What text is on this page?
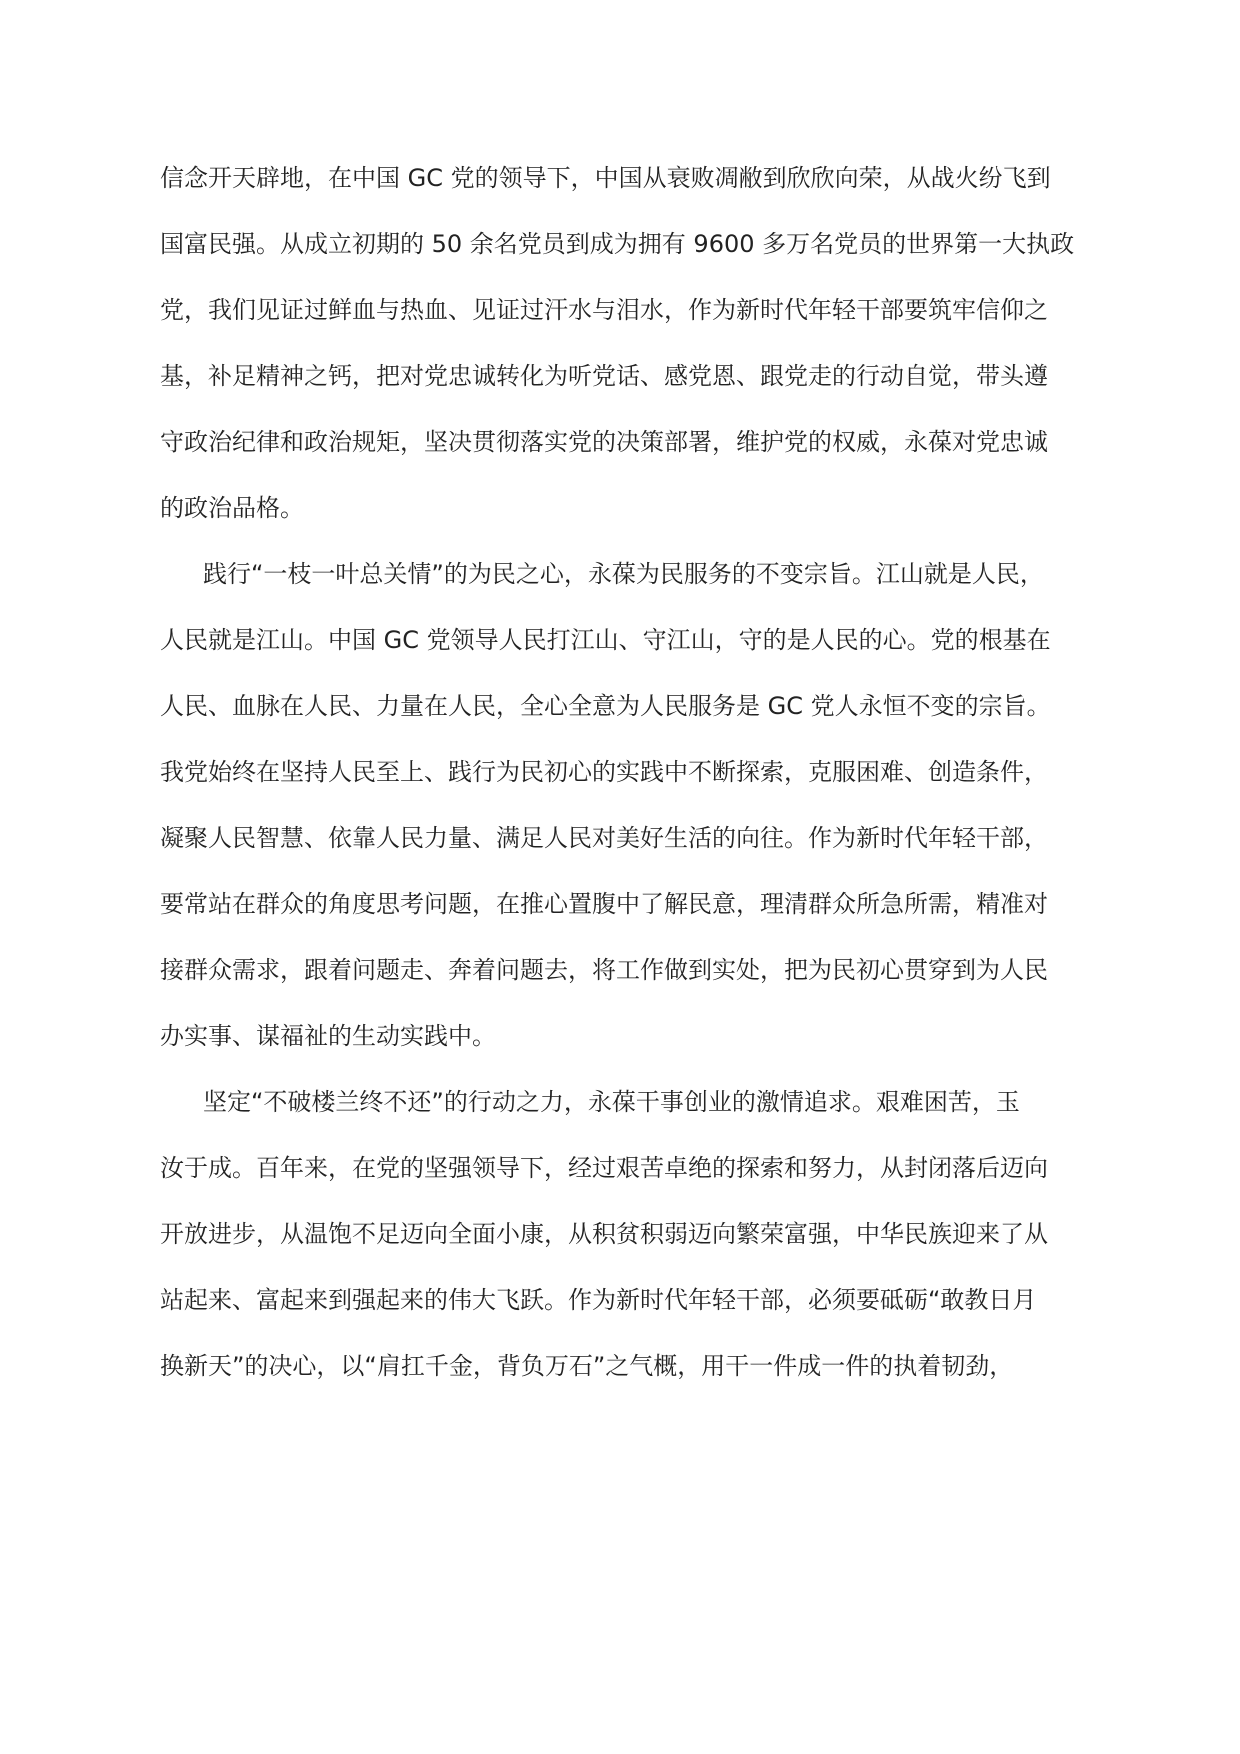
信念开天辟地，在中国 GC 党的领导下，中国从衰败凋敝到欣欣向荣，从战火纷飞到
国富民强。从成立初期的 50 余名党员到成为拥有 9600 多万名党员的世界第一大执政
党，我们见证过鲜血与热血、见证过汗水与泪水，作为新时代年轻干部要筑牢信仰之
基，补足精神之钙，把对党忠诚转化为听党话、感党恩、跟党走的行动自觉，带头遵
守政治纪律和政治规矩，坚决贯彻落实党的决策部署，维护党的权威，永葆对党忠诚
的政治品格。
践行“一枝一叶总关情”的为民之心，永葆为民服务的不变宗旨。江山就是人民，
人民就是江山。中国 GC 党领导人民打江山、守江山，守的是人民的心。党的根基在
人民、血脉在人民、力量在人民，全心全意为人民服务是 GC 党人永恒不变的宗旨。
我党始终在坚持人民至上、践行为民初心的实践中不断探索，克服困难、创造条件，
凝聚人民智慧、依靠人民力量、满足人民对美好生活的向往。作为新时代年轻干部，
要常站在群众的角度思考问题，在推心置腹中了解民意，理清群众所急所需，精准对
接群众需求，跟着问题走、奔着问题去，将工作做到实处，把为民初心贯穿到为人民
办实事、谋福祉的生动实践中。
坚定“不破楼兰终不还”的行动之力，永葆干事创业的激情追求。艰难困苦，玉
汝于成。百年来，在党的坚强领导下，经过艰苦卓绝的探索和努力，从封闭落后迈向
开放进步，从温饱不足迈向全面小康，从积贫积弱迈向繁荣富强，中华民族迎来了从
站起来、富起来到强起来的伟大飞跃。作为新时代年轻干部，必须要砥砺“敢教日月
换新天”的决心，以“肩扛千金，背负万石”之气概，用干一件成一件的执着韧劲，
